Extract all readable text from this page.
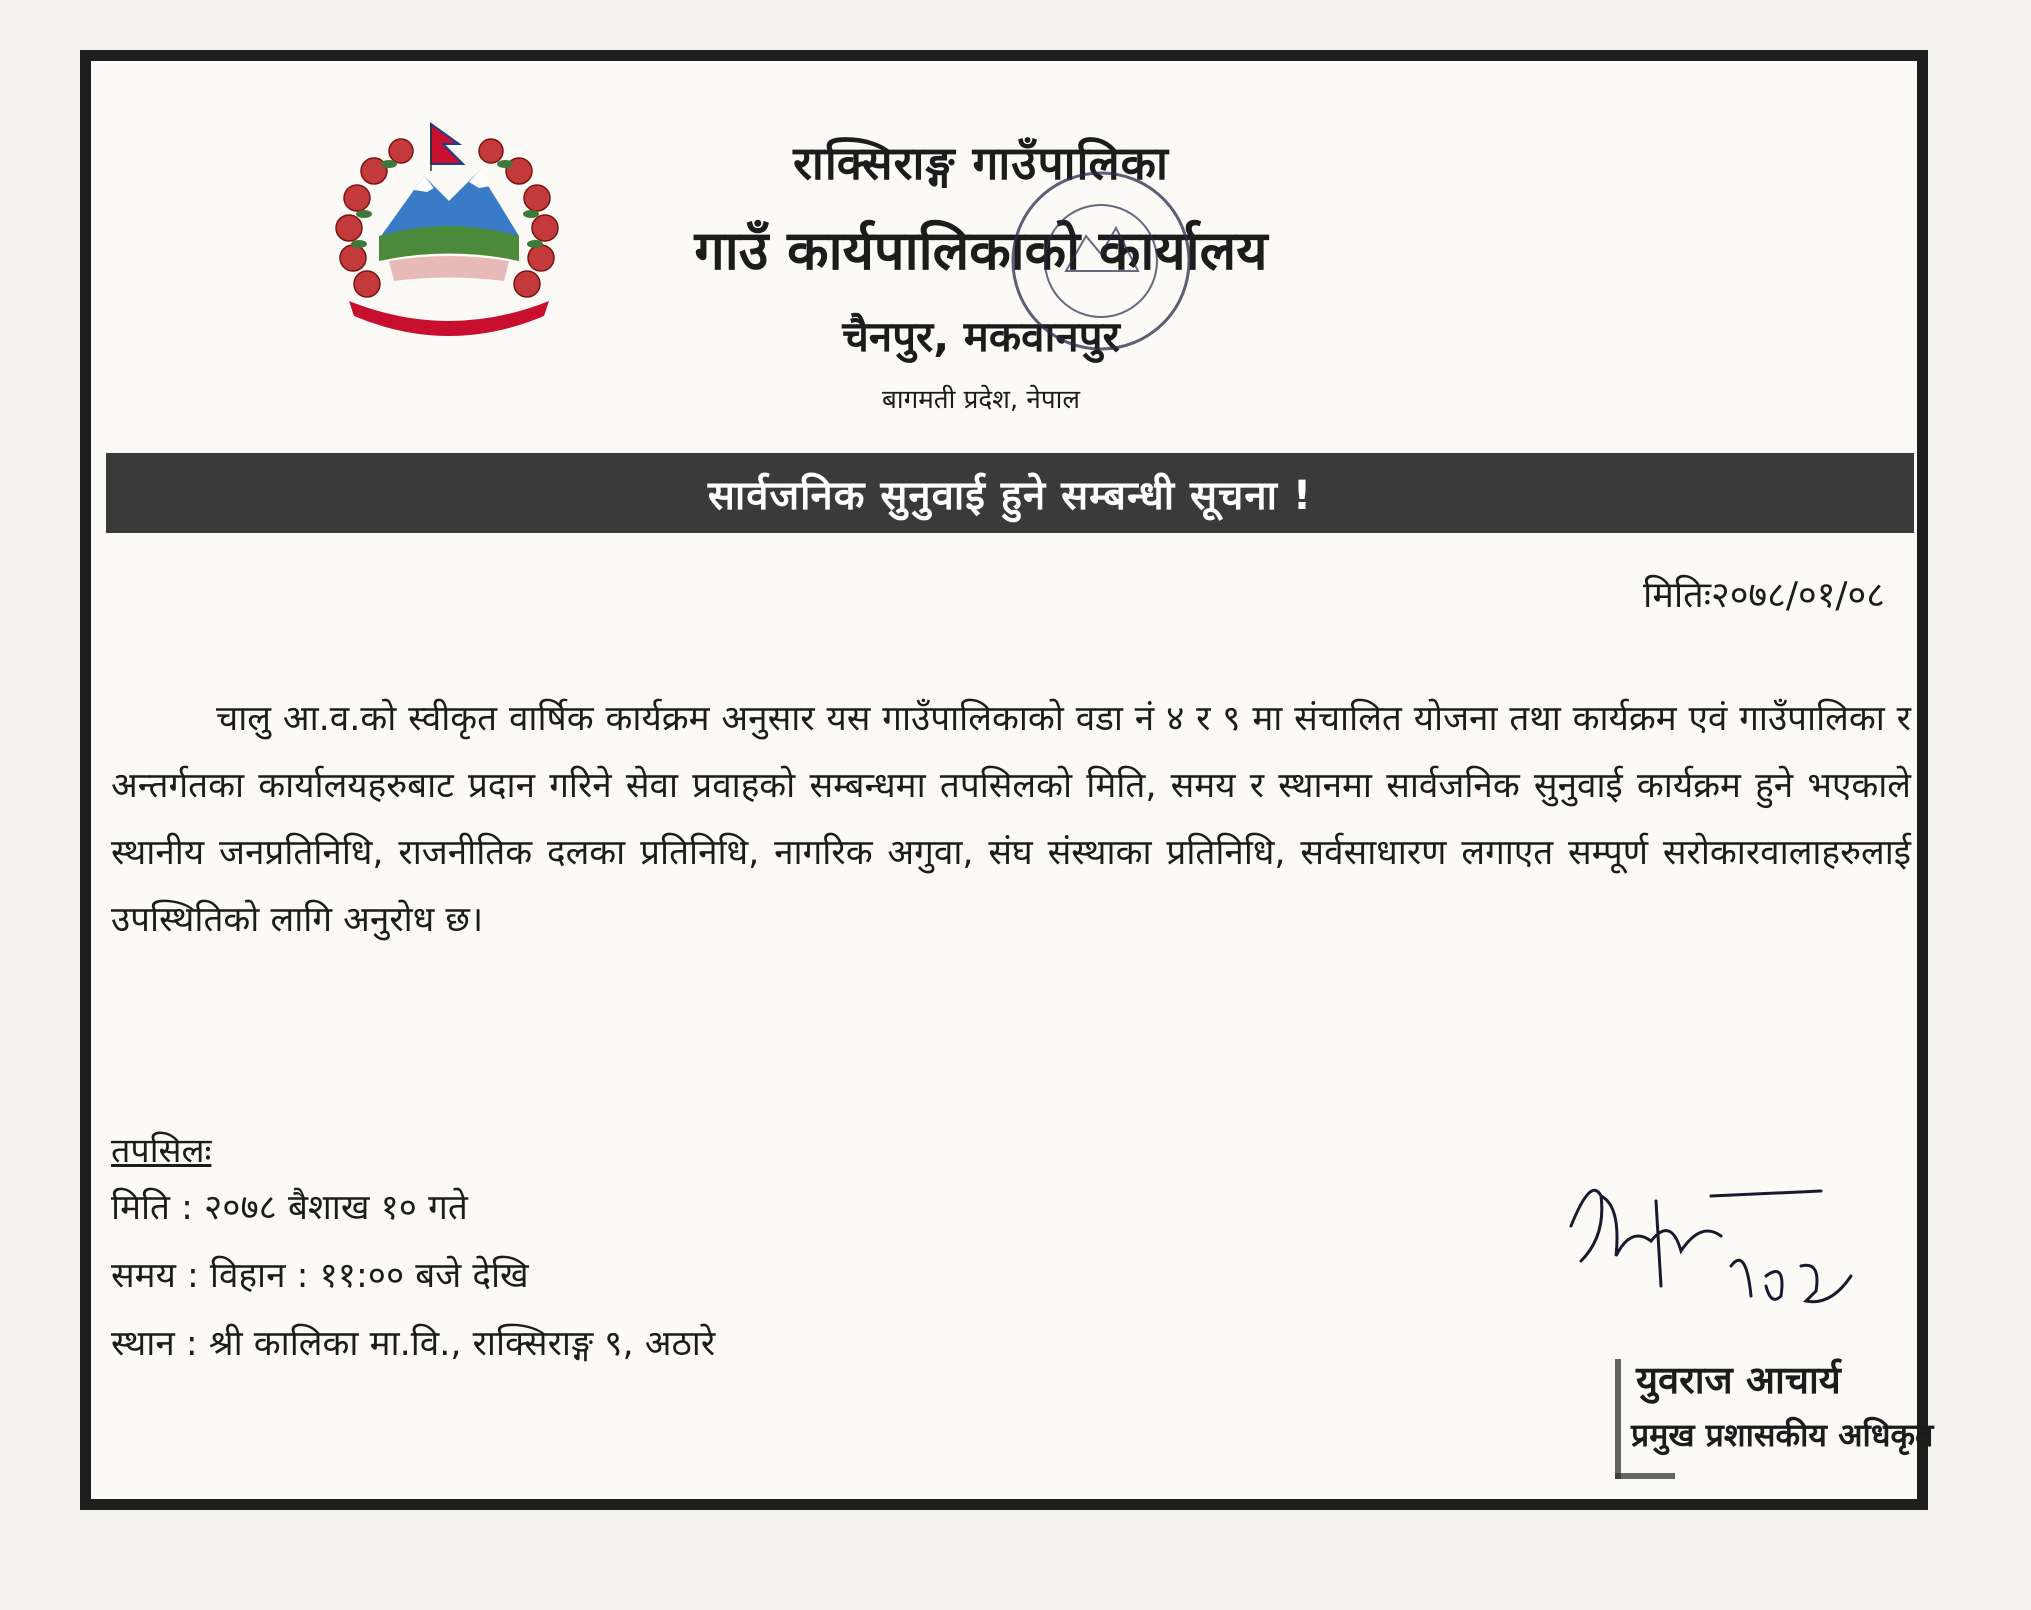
राक्सिराङ्ग गाउँपालिका

गाउँ कार्यपालिकाको कार्यालय

चैनपुर, मकवानपुर

बागमती प्रदेश, नेपाल

सार्वजनिक सुनुवाई हुने सम्बन्धी सूचना !
मितिः२०७८/०१/०८

चालु आ.व.को स्वीकृत वार्षिक कार्यक्रम अनुसार यस गाउँपालिकाको वडा नं ४ र ९ मा संचालित योजना तथा कार्यक्रम एवं गाउँपालिका र अन्तर्गतका कार्यालयहरुबाट प्रदान गरिने सेवा प्रवाहको सम्बन्धमा तपसिलको मिति, समय र स्थानमा सार्वजनिक सुनुवाई कार्यक्रम हुने भएकाले स्थानीय जनप्रतिनिधि, राजनीतिक दलका प्रतिनिधि, नागरिक अगुवा, संघ संस्थाका प्रतिनिधि, सर्वसाधारण लगाएत सम्पूर्ण सरोकारवालाहरुलाई उपस्थितिको लागि अनुरोध छ।

तपसिलः

मिति : २०७८ बैशाख १० गते

समय : विहान : ११:०० बजे देखि

स्थान : श्री कालिका मा.वि., राक्सिराङ्ग ९, अठारे

युवराज आचार्य
प्रमुख प्रशासकीय अधिकृत
